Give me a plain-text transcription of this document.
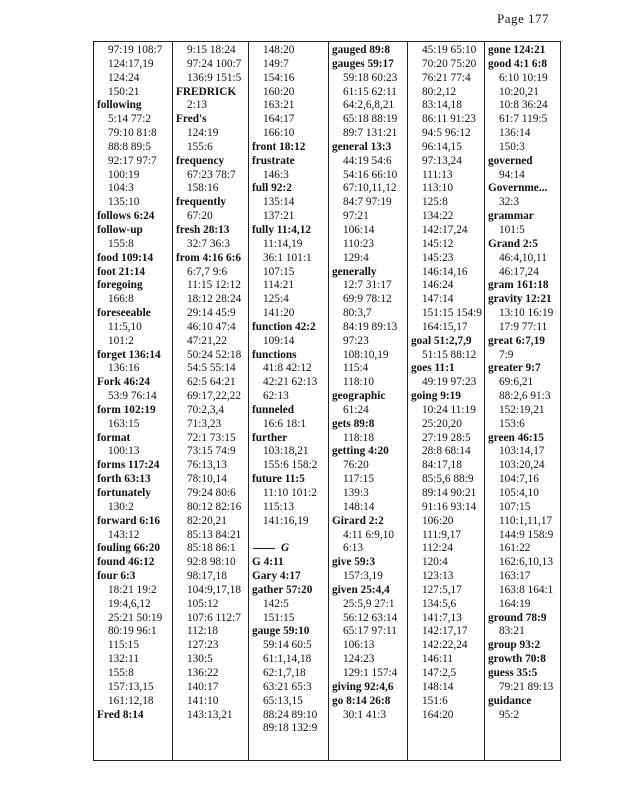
Page 177
97:19 108:7
124:17,19
124:24
150:21
following
5:14 77:2
79:10 81:8
88:8 89:5
92:17 97:7
100:19
104:3
135:10
follows 6:24
follow-up
155:8
food 109:14
foot 21:14
foregoing
166:8
foreseeable
11:5,10
101:2
forget 136:14
136:16
Fork 46:24
53:9 76:14
form 102:19
163:15
format
100:13
forms 117:24
forth 63:13
fortunately
130:2
forward 6:16
143:12
fouling 66:20
found 46:12
four 6:3
18:21 19:2
19:4,6,12
25:21 50:19
80:19 96:1
115:15
132:11
155:8
157:13,15
161:12,18
Fred 8:14
9:15 18:24
97:24 100:7
136:9 151:5
FREDRICK
2:13
Fred's
124:19
155:6
frequency
67:23 78:7
158:16
frequently
67:20
fresh 28:13
32:7 36:3
from 4:16 6:6
6:7,7 9:6
11:15 12:12
18:12 28:24
29:14 45:9
46:10 47:4
47:21,22
50:24 52:18
54:5 55:14
62:5 64:21
69:17,22,22
70:2,3,4
71:3,23
72:1 73:15
73:15 74:9
76:13,13
78:10,14
79:24 80:6
80:12 82:16
82:20,21
85:13 84:21
85:18 86:1
92:8 98:10
98:17,18
104:9,17,18
105:12
107:6 112:7
112:18
127:23
130:5
136:22
140:17
141:10
143:13,21
148:20
149:7
154:16
160:20
163:21
164:17
166:10
front 18:12
frustrate
146:3
full 92:2
135:14
137:21
fully 11:4,12
11:14,19
36:1 101:1
107:15
114:21
125:4
141:20
function 42:2
109:14
functions
41:8 42:12
42:21 62:13
62:13
funneled
16:6 18:1
further
103:18,21
155:6 158:2
future 11:5
11:10 101:2
115:13
141:16,19
G
G 4:11
Gary 4:17
gather 57:20
142:5
151:15
gauge 59:10
59:14 60:5
61:1,14,18
62:1,7,18
63:21 65:3
65:13,15
88:24 89:10
89:18 132:9
gauged 89:8
gauges 59:17
59:18 60:23
61:15 62:11
64:2,6,8,21
65:18 88:19
89:7 131:21
general 13:3
44:19 54:6
54:16 66:10
67:10,11,12
84:7 97:19
97:21
106:14
110:23
129:4
generally
12:7 31:17
69:9 78:12
80:3,7
84:19 89:13
97:23
108:10,19
115:4
118:10
geographic
61:24
gets 89:8
118:18
getting 4:20
76:20
117:15
139:3
148:14
Girard 2:2
4:11 6:9,10
6:13
give 59:3
157:3,19
given 25:4,4
25:5,9 27:1
56:12 63:14
65:17 97:11
106:13
124:23
129:1 157:4
giving 92:4,6
go 8:14 26:8
30:1 41:3
45:19 65:10
70:20 75:20
76:21 77:4
80:2,12
83:14,18
86:11 91:23
94:5 96:12
96:14,15
97:13,24
111:13
113:10
125:8
134:22
142:17,24
145:12
145:23
146:14,16
146:24
147:14
151:15 154:9
164:15,17
goal 51:2,7,9
51:15 88:12
goes 11:1
49:19 97:23
going 9:19
10:24 11:19
25:20,20
27:19 28:5
28:8 68:14
84:17,18
85:5,6 88:9
89:14 90:21
91:16 93:14
106:20
111:9,17
112:24
120:4
123:13
127:5,17
134:5,6
141:7,13
142:17,17
142:22,24
146:11
147:2,5
148:14
151:6
164:20
gone 124:21
good 4:1 6:8
6:10 10:19
10:20,21
10:8 36:24
61:7 119:5
136:14
150:3
governed
94:14
Governme...
32:3
grammar
101:5
Grand 2:5
46:4,10,11
46:17,24
gram 161:18
gravity 12:21
13:10 16:19
17:9 77:11
great 6:7,19
7:9
greater 9:7
69:6,21
88:2,6 91:3
152:19,21
153:6
green 46:15
103:14,17
103:20,24
104:7,16
105:4,10
107:15
110:1,11,17
144:9 158:9
161:22
162:6,10,13
163:17
163:8 164:1
164:19
ground 78:9
83:21
group 93:2
growth 70:8
guess 35:5
79:21 89:13
guidance
95:2
